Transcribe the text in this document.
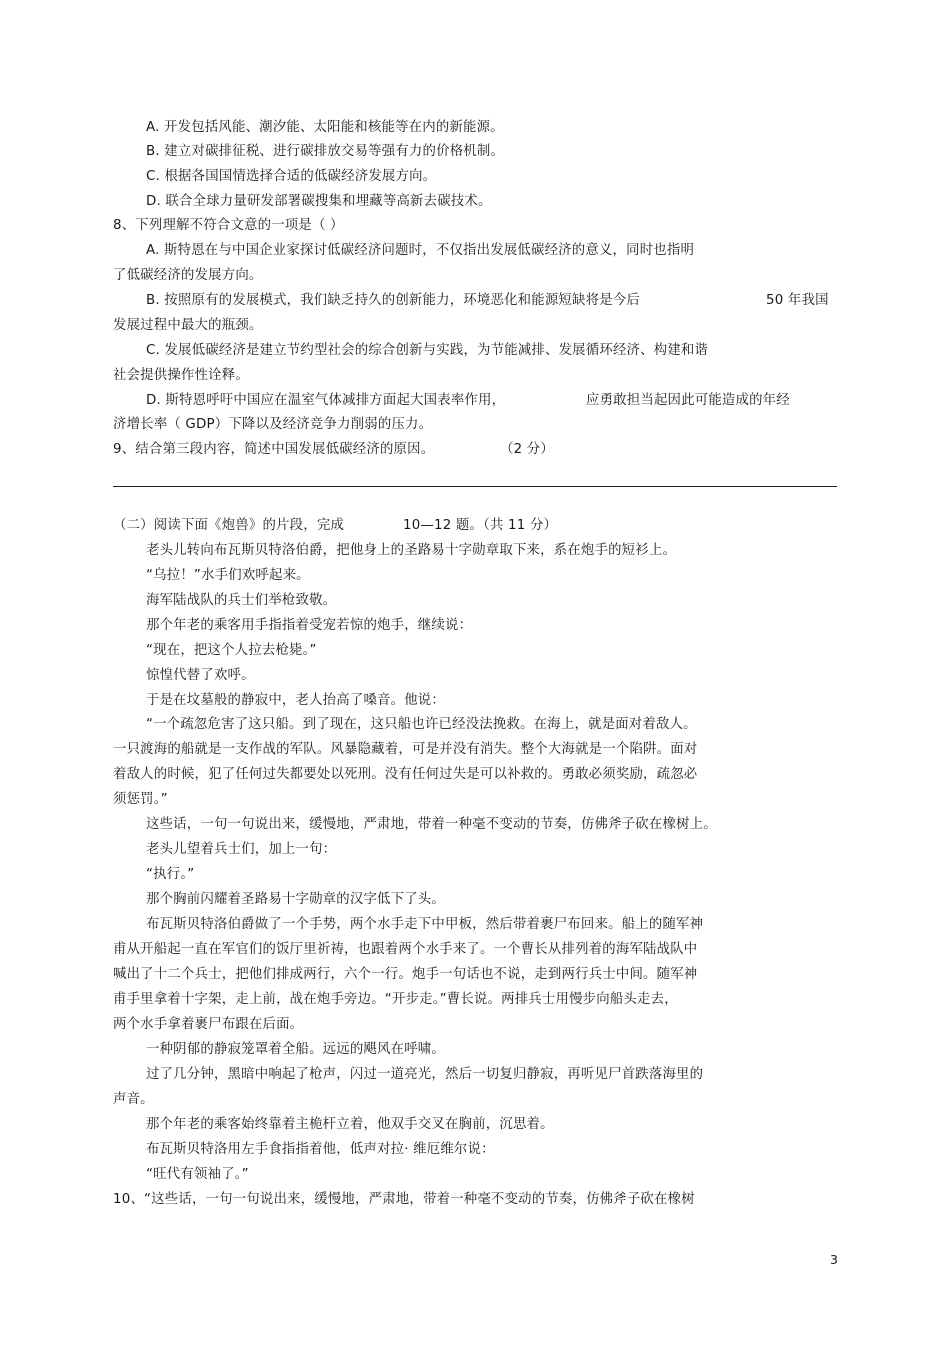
A. 开发包括风能、潮汐能、太阳能和核能等在内的新能源。
B. 建立对碳排征税、进行碳排放交易等强有力的价格机制。
C. 根据各国国情选择合适的低碳经济发展方向。
D. 联合全球力量研发部署碳搜集和埋藏等高新去碳技术。
8、下列理解不符合文意的一项是（ ）
A. 斯特恩在与中国企业家探讨低碳经济问题时，不仅指出发展低碳经济的意义，同时也指明
了低碳经济的发展方向。
B. 按照原有的发展模式，我们缺乏持久的创新能力，环境恶化和能源短缺将是今后	50 年我国
发展过程中最大的瓶颈。
C. 发展低碳经济是建立节约型社会的综合创新与实践，为节能减排、发展循环经济、构建和谐
社会提供操作性诠释。
D. 斯特恩呼吁中国应在温室气体减排方面起大国表率作用，	应勇敢担当起因此可能造成的年经
济增长率（ GDP）下降以及经济竞争力削弱的压力。
9、结合第三段内容，简述中国发展低碳经济的原因。	（2 分）
（二）阅读下面《炮兽》的片段，完成	10—12 题。（共 11 分）
老头儿转向布瓦斯贝特洛伯爵，把他身上的圣路易十字勋章取下来，系在炮手的短衫上。
“乌拉！”水手们欢呼起来。
海军陆战队的兵士们举枪致敬。
那个年老的乘客用手指指着受宠若惊的炮手，继续说：
“现在，把这个人拉去枪毙。”
惊惶代替了欢呼。
于是在坟墓般的静寂中，老人抬高了嗓音。他说：
“一个疏忽危害了这只船。到了现在，这只船也许已经没法挽救。在海上，就是面对着敌人。
一只渡海的船就是一支作战的军队。风暴隐藏着，可是并没有消失。整个大海就是一个陷阱。面对
着敌人的时候，犯了任何过失都要处以死刑。没有任何过失是可以补救的。勇敢必须奖励，疏忽必
须惩罚。”
这些话，一句一句说出来，缓慢地，严肃地，带着一种毫不变动的节奏，仿佛斧子砍在橡树上。
老头儿望着兵士们，加上一句：
“执行。”
那个胸前闪耀着圣路易十字勋章的汉字低下了头。
布瓦斯贝特洛伯爵做了一个手势，两个水手走下中甲板，然后带着裹尸布回来。船上的随军神
甫从开船起一直在军官们的饭厅里祈祷，也跟着两个水手来了。一个曹长从排列着的海军陆战队中
喊出了十二个兵士，把他们排成两行，六个一行。炮手一句话也不说，走到两行兵士中间。随军神
甫手里拿着十字架，走上前，战在炮手旁边。“开步走。”曹长说。两排兵士用慢步向船头走去，
两个水手拿着裹尸布跟在后面。
一种阴郁的静寂笼罩着全船。远远的飓风在呼啸。
过了几分钟，黑暗中响起了枪声，闪过一道亮光，然后一切复归静寂，再听见尸首跌落海里的
声音。
那个年老的乘客始终靠着主桅杆立着，他双手交叉在胸前，沉思着。
布瓦斯贝特洛用左手食指指着他，低声对拉· 维厄维尔说：
“旺代有领袖了。”
10、“这些话，一句一句说出来，缓慢地，严肃地，带着一种毫不变动的节奏，仿佛斧子砍在橡树
3
